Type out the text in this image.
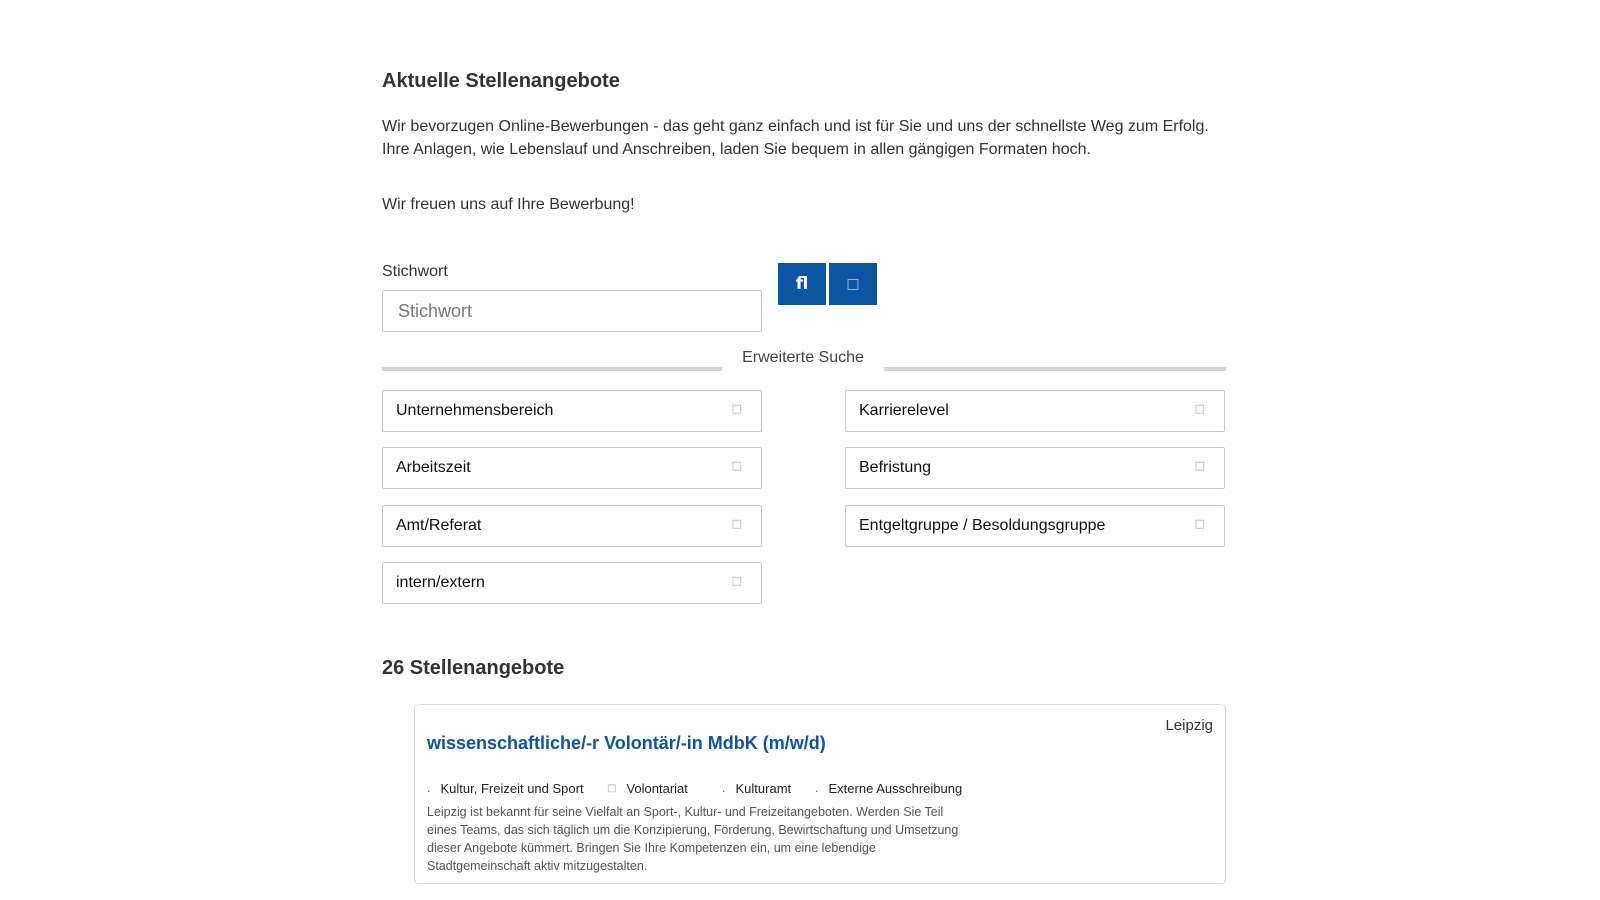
Aktuelle Stellenangebote

Wir bevorzugen Online-Bewerbungen - das geht ganz einfach und ist für Sie und uns der schnellste Weg zum Erfolg.
Ihre Anlagen, wie Lebenslauf und Anschreiben, laden Sie bequem in allen gängigen Formaten hoch.

Wir freuen uns auf Ihre Bewerbung!

Stichwort
Stichwort
ﬂ	□
Erweiterte Suche
Unternehmensbereich	□
Arbeitszeit	□
Amt/Referat	□
intern/extern	□
Karrierelevel	□
Befristung	□
Entgeltgruppe / Besoldungsgruppe	□
26 Stellenangebote
Leipzig
wissenschaftliche/-r Volontär/-in MdbK (m/w/d)
. Kultur, Freizeit und Sport □ Volontariat	. Kulturamt . Externe Ausschreibung

Leipzig ist bekannt für seine Vielfalt an Sport-, Kultur- und Freizeitangeboten. Werden Sie Teil eines Teams, das sich täglich um die Konzipierung, Förderung, Bewirtschaftung und Umsetzung dieser Angebote kümmert. Bringen Sie Ihre Kompetenzen ein, um eine lebendige Stadtgemeinschaft aktiv mitzugestalten.
